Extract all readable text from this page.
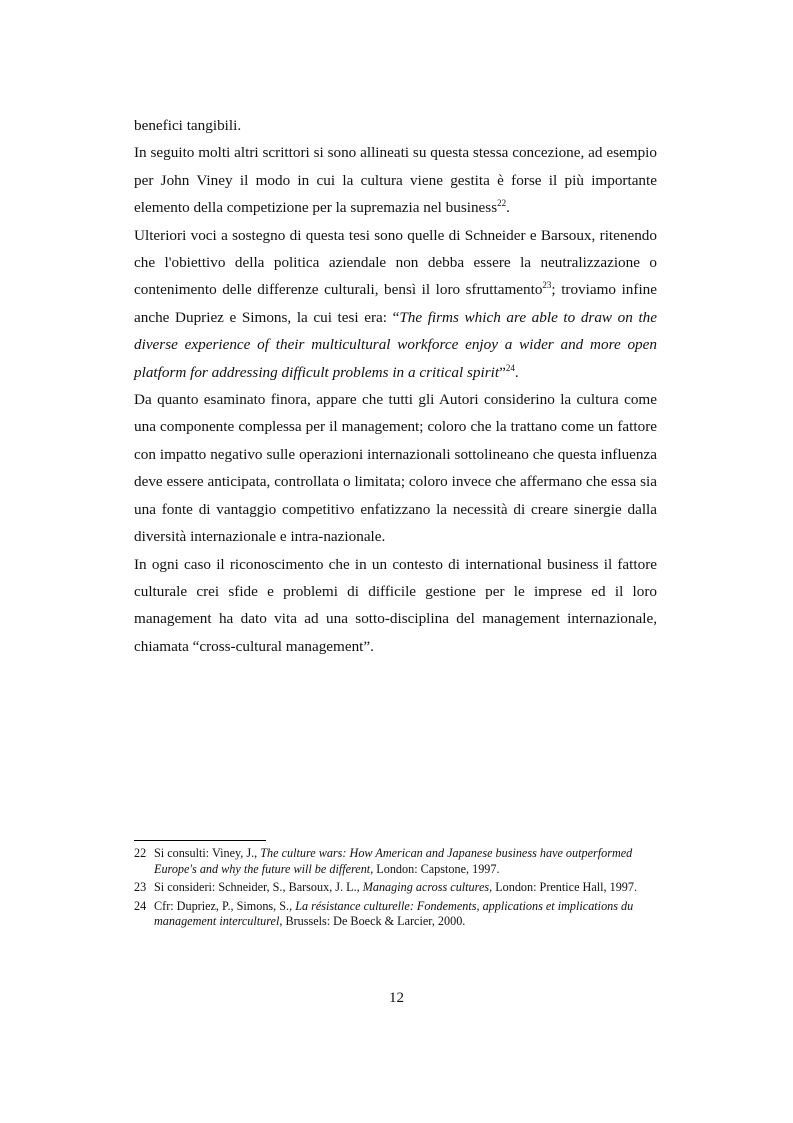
benefici tangibili.

In seguito molti altri scrittori si sono allineati su questa stessa concezione, ad esempio per John Viney il modo in cui la cultura viene gestita è forse il più importante elemento della competizione per la supremazia nel business$^{22}$.

Ulteriori voci a sostegno di questa tesi sono quelle di Schneider e Barsoux, ritenendo che l'obiettivo della politica aziendale non debba essere la neutralizzazione o contenimento delle differenze culturali, bensì il loro sfruttamento$^{23}$; troviamo infine anche Dupriez e Simons, la cui tesi era: “The firms which are able to draw on the diverse experience of their multicultural workforce enjoy a wider and more open platform for addressing difficult problems in a critical spirit”$^{24}$.

Da quanto esaminato finora, appare che tutti gli Autori considerino la cultura come una componente complessa per il management; coloro che la trattano come un fattore con impatto negativo sulle operazioni internazionali sottolineano che questa influenza deve essere anticipata, controllata o limitata; coloro invece che affermano che essa sia una fonte di vantaggio competitivo enfatizzano la necessità di creare sinergie dalla diversità internazionale e intra-nazionale.

In ogni caso il riconoscimento che in un contesto di international business il fattore culturale crei sfide e problemi di difficile gestione per le imprese ed il loro management ha dato vita ad una sotto-disciplina del management internazionale, chiamata “cross-cultural management”.

22 Si consulti: Viney, J., The culture wars: How American and Japanese business have outperformed Europe's and why the future will be different, London: Capstone, 1997.
23 Si consideri: Schneider, S., Barsoux, J. L., Managing across cultures, London: Prentice Hall, 1997.
24 Cfr: Dupriez, P., Simons, S., La résistance culturelle: Fondements, applications et implications du management interculturel, Brussels: De Boeck & Larcier, 2000.
12
